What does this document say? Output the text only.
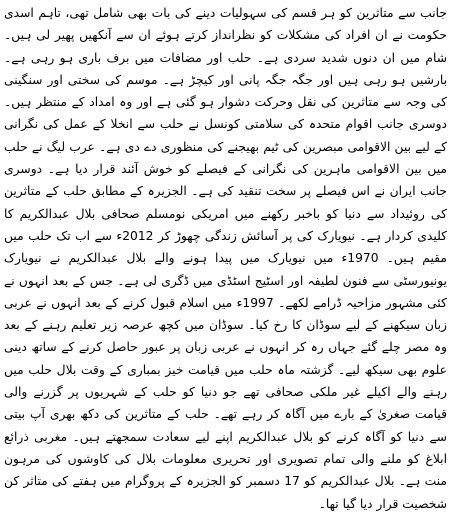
جانب سے متاثرین کو ہر قسم کی سہولیات دینے کی بات بھی شامل تھی، تاہم اسدی حکومت نے ان افراد کی مشکلات کو نظرانداز کرتے ہوئے ان سے آنکھیں پھیر لی ہیں۔ شام میں ان دنوں شدید سردی ہے۔ حلب اور مضافات میں برف باری ہو رہی ہے۔ بارشیں ہو رہی ہیں اور جگہ جگہ پانی اور کیچڑ ہے۔ موسم کی سختی اور سنگینی کی وجہ سے متاثرین کی نقل وحرکت دشوار ہو گئی ہے اور وہ امداد کے منتظر ہیں۔ دوسری جانب اقوام متحدہ کی سلامتی کونسل نے حلب سے انخلا کے عمل کی نگرانی کے لیے بین الاقوامی مبصرین کی ٹیم بھیجنے کی منظوری دے دی ہے۔ عرب لیگ نے حلب میں بین الاقوامی ماہرین کی نگرانی کے فیصلے کو خوش آئند قرار دیا ہے۔ دوسری جانب ایران نے اس فیصلے پر سخت تنقید کی ہے۔ الجزیرہ کے مطابق حلب کے متاثرین کی روئیداد سے دنیا کو باخبر رکھنے میں امریکی نومسلم صحافی بلال عبدالکریم کا کلیدی کردار ہے۔ نیویارک کی پر آسائش زندگی چھوڑ کر 2012ء سے اب تک حلب میں مقیم ہیں۔ 1970ء میں نیویارک میں پیدا ہونے والے بلال عبدالکریم نے نیویارک یونیورسٹی سے فنون لطیفہ اور اسٹیج اسٹڈی میں ڈگری لی ہے۔ جس کے بعد انہوں نے کئی مشہور مزاحیہ ڈرامے لکھے۔ 1997ء میں اسلام قبول کرنے کے بعد انہوں نے عربی زبان سیکھنے کے لیے سوڈان کا رخ کیا۔ سوڈان میں کچھ عرصہ زیر تعلیم رہنے کے بعد وہ مصر چلے گئے جہاں رہ کر انہوں نے عربی زبان پر عبور حاصل کرنے کے ساتھ دینی علوم بھی سیکھ لیے۔ گزشتہ ماہ حلب میں قیامت خیز بمباری کے وقت بلال حلب میں رہنے والے اکیلے غیر ملکی صحافی تھے جو دنیا کو حلب کے شہریوں پر گزرنے والی قیامت صغریٰ کے بارے میں آگاہ کر رہے تھے۔ حلب کے متاثرین کی دکھ بھری آپ بیتی سے دنیا کو آگاہ کرنے کو بلال عبدالکریم اپنے لیے سعادت سمجھتے ہیں۔ مغربی ذرائع ابلاغ کو ملنے والی تمام تصویری اور تحریری معلومات بلال کی کاوشوں کی مرہون منت ہے۔ بلال عبدالکریم کو 17 دسمبر کو الجزیرہ کے پروگرام میں ہفتے کی متاثر کن شخصیت قرار دیا گیا تھا۔
